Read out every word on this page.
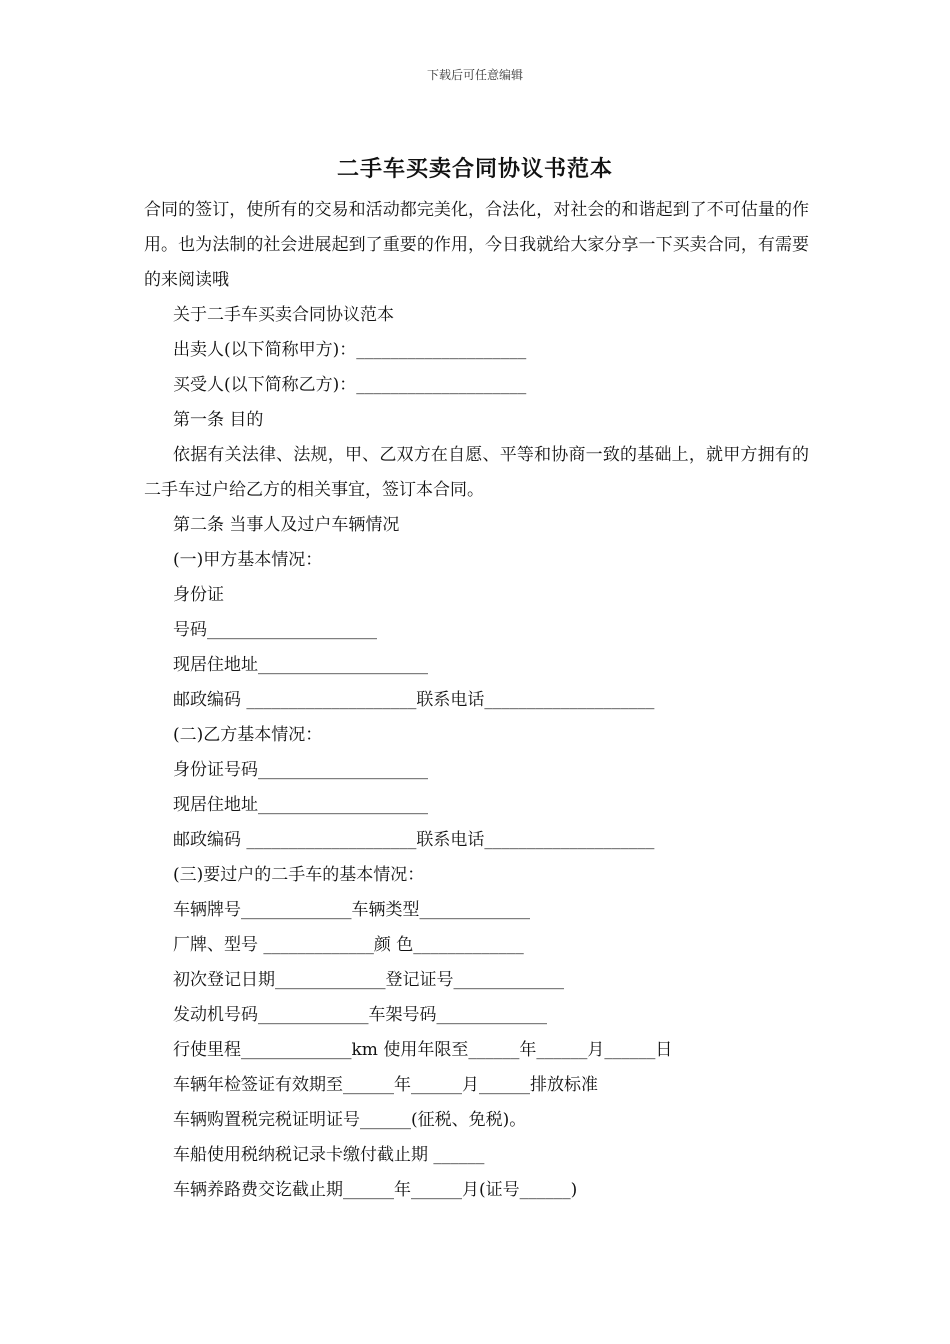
下载后可任意编辑
二手车买卖合同协议书范本

合同的签订，使所有的交易和活动都完美化，合法化，对社会的和谐起到了不可估量的作用。也为法制的社会进展起到了重要的作用，今日我就给大家分享一下买卖合同，有需要的来阅读哦

关于二手车买卖合同协议范本

出卖人(以下简称甲方)：____________________

买受人(以下简称乙方)：____________________

第一条 目的

依据有关法律、法规，甲、乙双方在自愿、平等和协商一致的基础上，就甲方拥有的二手车过户给乙方的相关事宜，签订本合同。

第二条 当事人及过户车辆情况

(一)甲方基本情况：

身份证

号码____________________

现居住地址____________________

邮政编码 ____________________联系电话____________________

(二)乙方基本情况：

身份证号码____________________

现居住地址____________________

邮政编码 ____________________联系电话____________________

(三)要过户的二手车的基本情况：

车辆牌号_____________车辆类型_____________

厂牌、型号 _____________颜 色_____________

初次登记日期_____________登记证号_____________

发动机号码_____________车架号码_____________

行使里程_____________km 使用年限至______年______月______日

车辆年检签证有效期至______年______月______排放标准

车辆购置税完税证明证号______(征税、免税)。

车船使用税纳税记录卡缴付截止期 ______

车辆养路费交讫截止期______年______月(证号______)
